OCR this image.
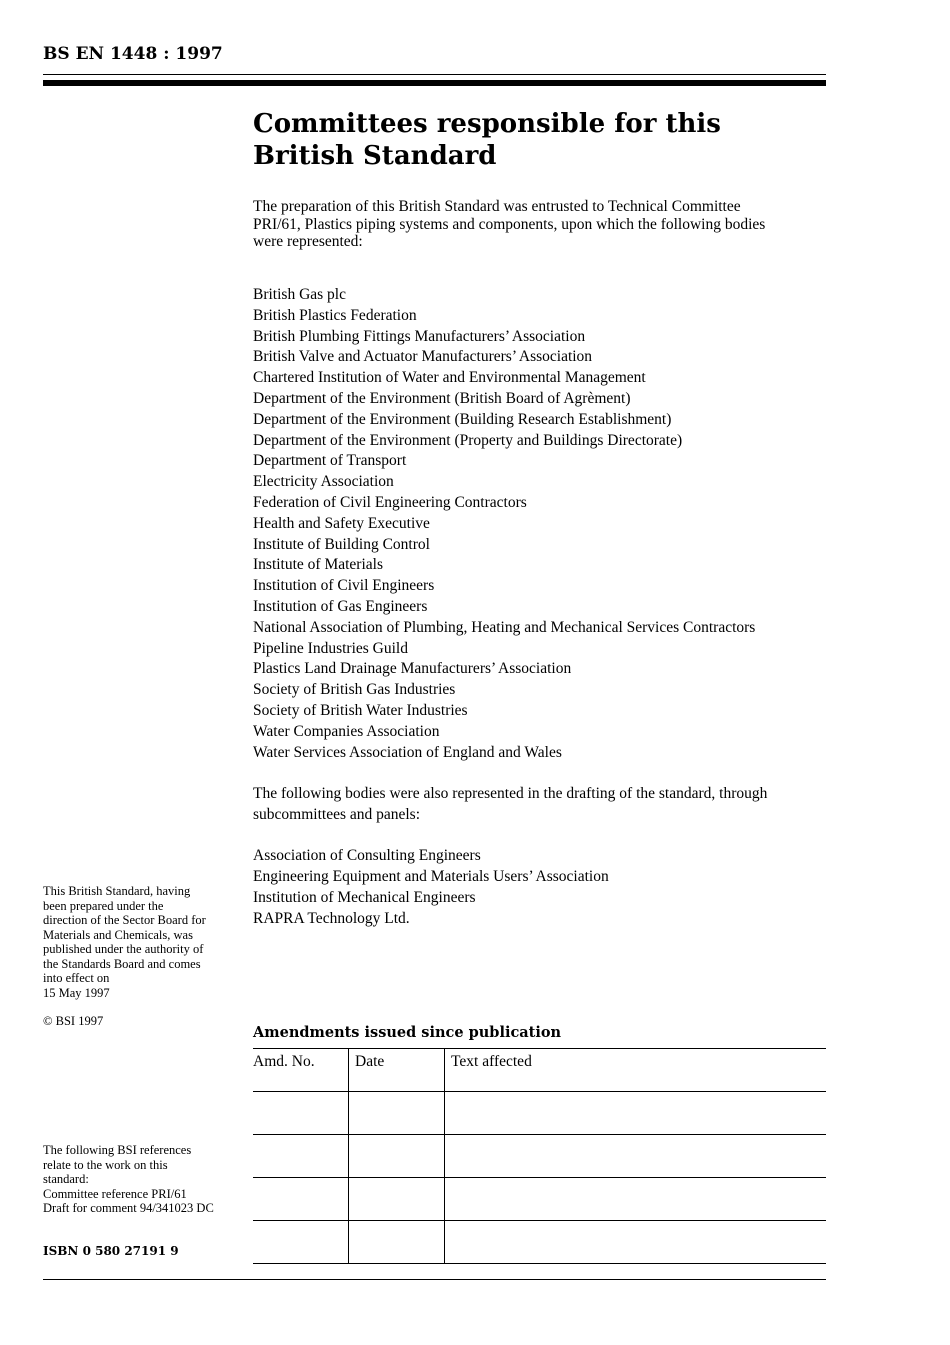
BS EN 1448 : 1997
Committees responsible for this
British Standard
The preparation of this British Standard was entrusted to Technical Committee
PRI/61, Plastics piping systems and components, upon which the following bodies
were represented:
British Gas plc
British Plastics Federation
British Plumbing Fittings Manufacturers’ Association
British Valve and Actuator Manufacturers’ Association
Chartered Institution of Water and Environmental Management
Department of the Environment (British Board of Agrèment)
Department of the Environment (Building Research Establishment)
Department of the Environment (Property and Buildings Directorate)
Department of Transport
Electricity Association
Federation of Civil Engineering Contractors
Health and Safety Executive
Institute of Building Control
Institute of Materials
Institution of Civil Engineers
Institution of Gas Engineers
National Association of Plumbing, Heating and Mechanical Services Contractors
Pipeline Industries Guild
Plastics Land Drainage Manufacturers’ Association
Society of British Gas Industries
Society of British Water Industries
Water Companies Association
Water Services Association of England and Wales
The following bodies were also represented in the drafting of the standard, through
subcommittees and panels:
Association of Consulting Engineers
Engineering Equipment and Materials Users’ Association
Institution of Mechanical Engineers
RAPRA Technology Ltd.
This British Standard, having
been prepared under the
direction of the Sector Board for
Materials and Chemicals, was
published under the authority of
the Standards Board and comes
into effect on
15 May 1997
© BSI 1997
The following BSI references
relate to the work on this
standard:
Committee reference PRI/61
Draft for comment 94/341023 DC
ISBN 0 580 27191 9
Amendments issued since publication
Amd. No.	Date	Text affected
